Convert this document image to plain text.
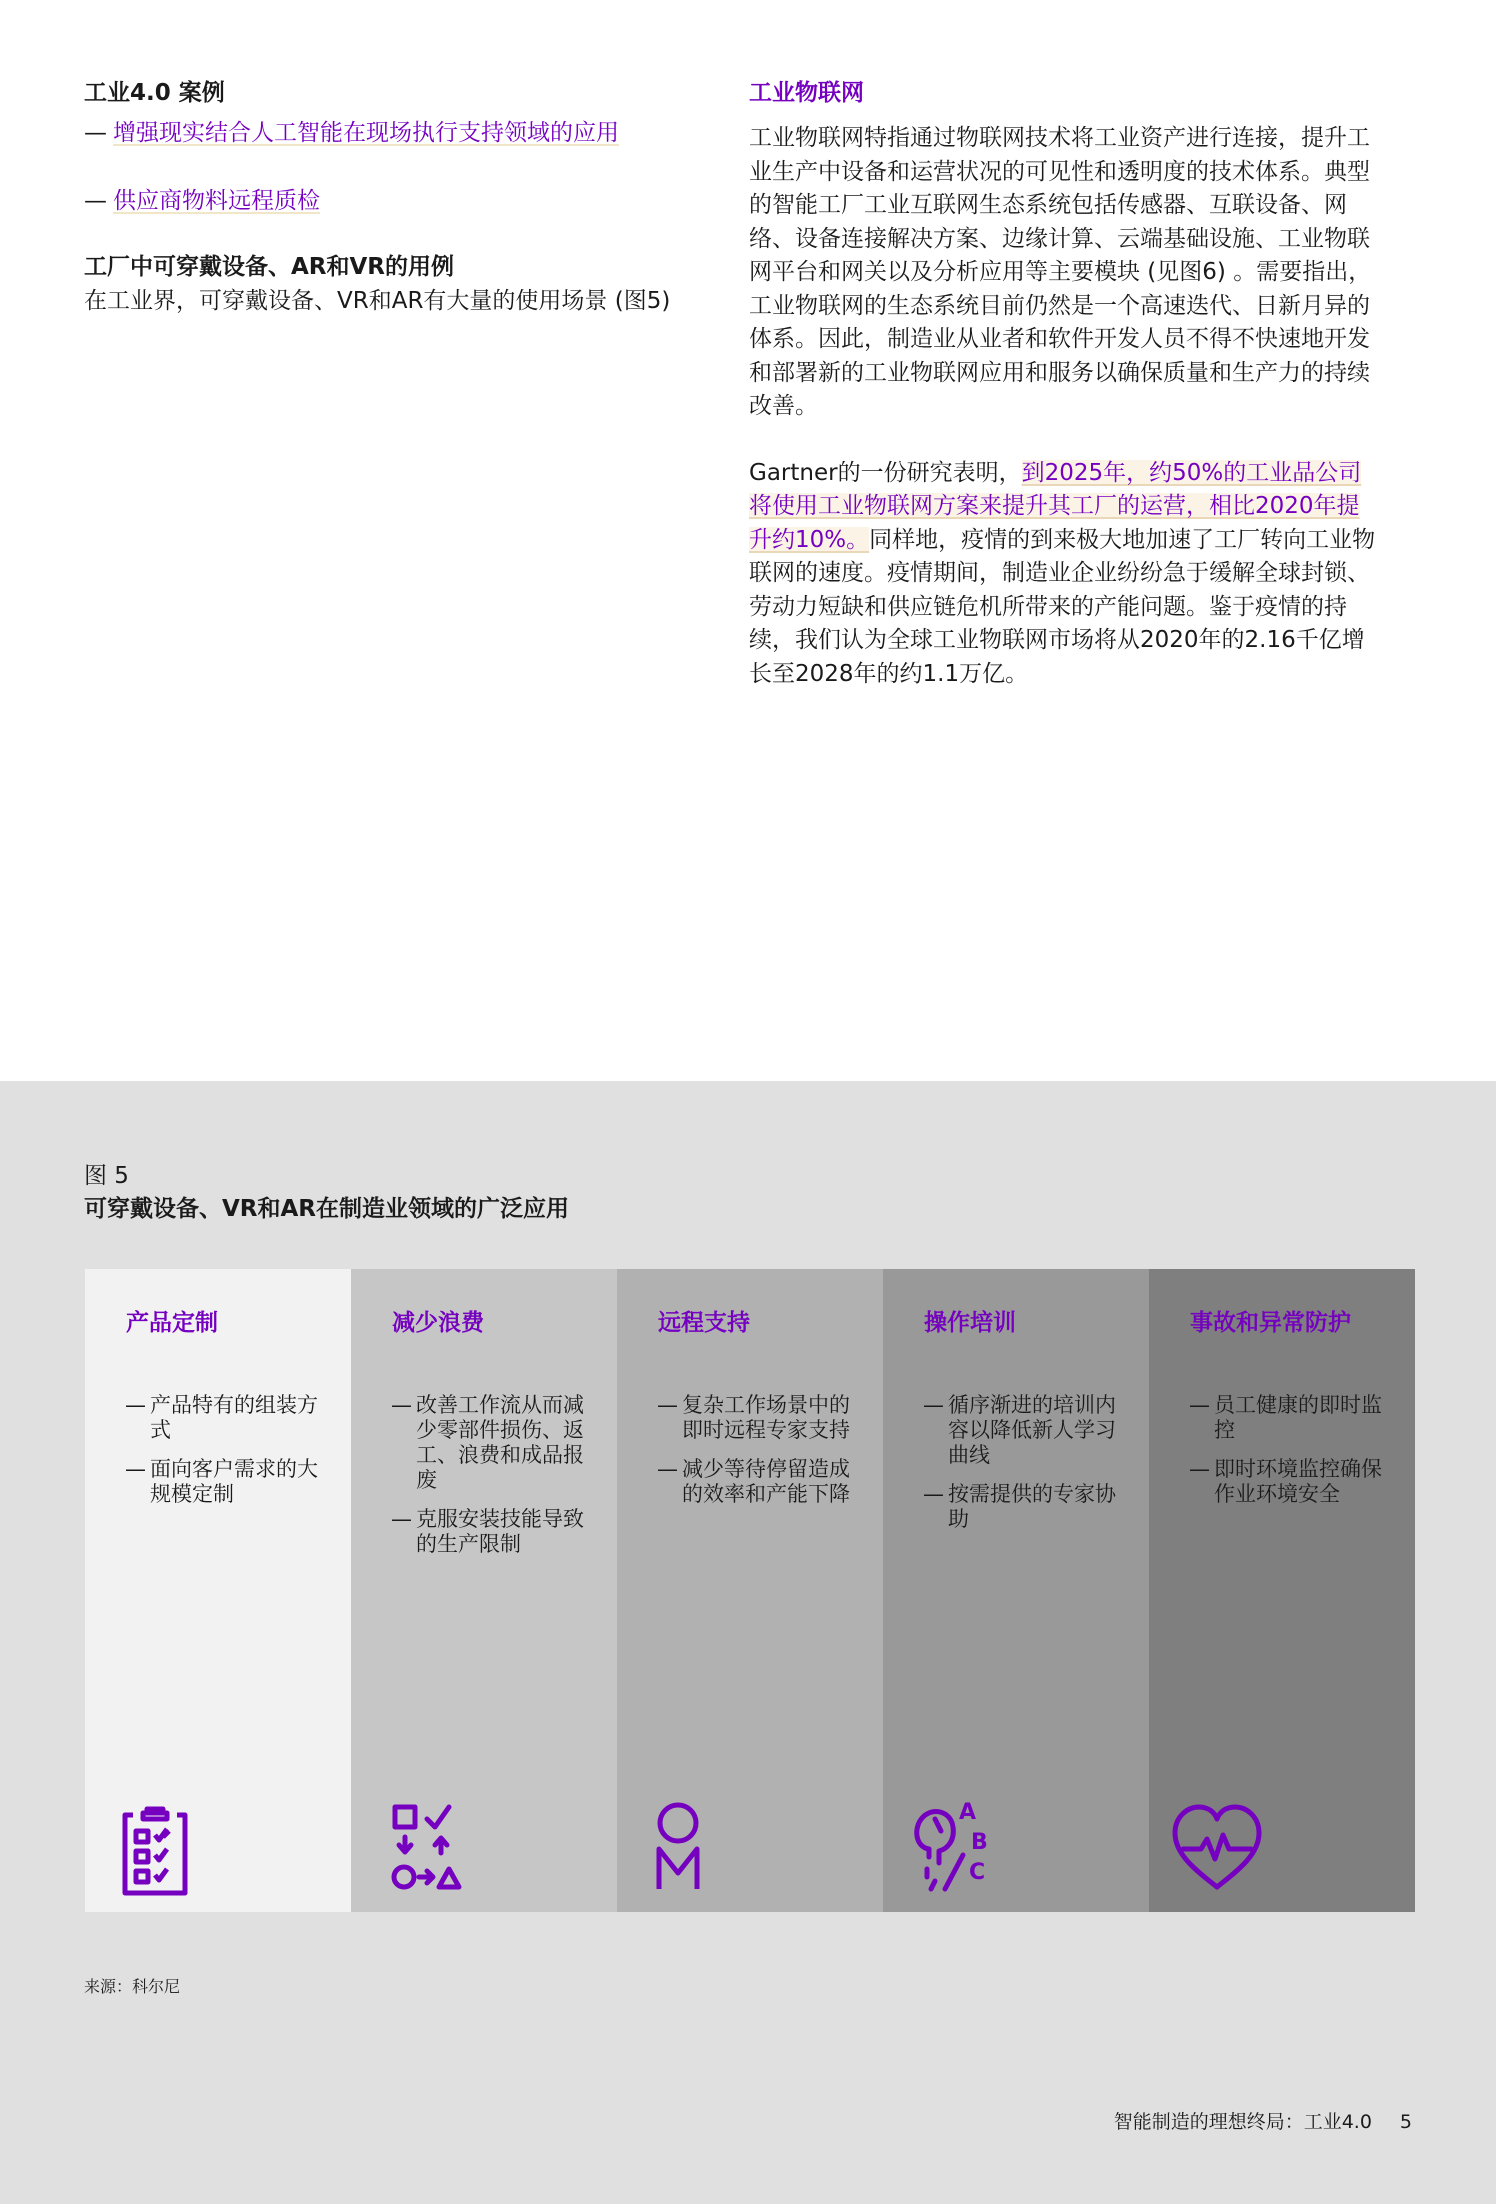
工业4.0 案例

— 增强现实结合人工智能在现场执行支持领域的应用

— 供应商物料远程质检

工厂中可穿戴设备、AR和VR的用例
在工业界，可穿戴设备、VR和AR有大量的使用场景 (图5)
工业物联网

工业物联网特指通过物联网技术将工业资产进行连接，提升工业生产中设备和运营状况的可见性和透明度的技术体系。典型的智能工厂工业互联网生态系统包括传感器、互联设备、网络、设备连接解决方案、边缘计算、云端基础设施、工业物联网平台和网关以及分析应用等主要模块 (见图6) 。需要指出，工业物联网的生态系统目前仍然是一个高速迭代、日新月异的体系。因此，制造业从业者和软件开发人员不得不快速地开发和部署新的工业物联网应用和服务以确保质量和生产力的持续改善。

Gartner的一份研究表明，到2025年，约50%的工业品公司将使用工业物联网方案来提升其工厂的运营，相比2020年提升约10%。同样地，疫情的到来极大地加速了工厂转向工业物联网的速度。疫情期间，制造业企业纷纷急于缓解全球封锁、劳动力短缺和供应链危机所带来的产能问题。鉴于疫情的持续，我们认为全球工业物联网市场将从2020年的2.16千亿增长至2028年的约1.1万亿。

图 5
可穿戴设备、VR和AR在制造业领域的广泛应用
产品定制
— 产品特有的组装方式
— 面向客户需求的大规模定制
减少浪费
— 改善工作流从而减少零部件损伤、返工、浪费和成品报废
— 克服安装技能导致的生产限制
远程支持
— 复杂工作场景中的即时远程专家支持
— 减少等待停留造成的效率和产能下降
操作培训
— 循序渐进的培训内容以降低新人学习曲线
— 按需提供的专家协助
A
B
C
事故和异常防护
— 员工健康的即时监控
— 即时环境监控确保作业环境安全
来源：科尔尼
智能制造的理想终局：工业4.0 5
